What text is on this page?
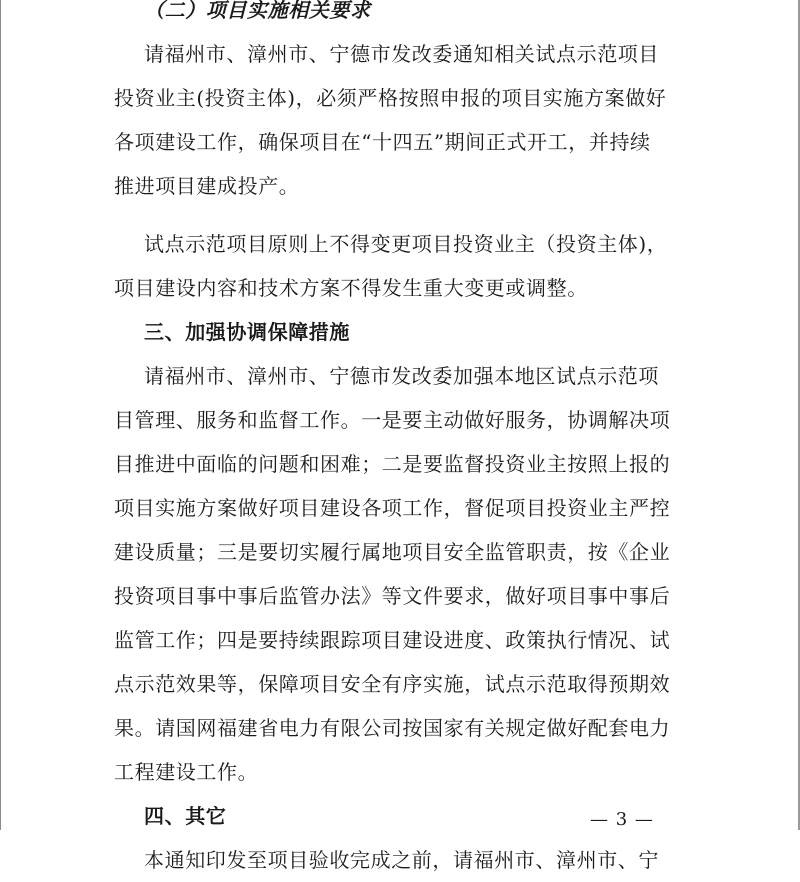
（二）项目实施相关要求
请福州市、漳州市、宁德市发改委通知相关试点示范项目
投资业主(投资主体)，必须严格按照申报的项目实施方案做好
各项建设工作，确保项目在“十四五”期间正式开工，并持续
推进项目建成投产。
试点示范项目原则上不得变更项目投资业主（投资主体)，
项目建设内容和技术方案不得发生重大变更或调整。
三、加强协调保障措施
请福州市、漳州市、宁德市发改委加强本地区试点示范项
目管理、服务和监督工作。一是要主动做好服务，协调解决项
目推进中面临的问题和困难；二是要监督投资业主按照上报的
项目实施方案做好项目建设各项工作，督促项目投资业主严控
建设质量；三是要切实履行属地项目安全监管职责，按《企业
投资项目事中事后监管办法》等文件要求，做好项目事中事后
监管工作；四是要持续跟踪项目建设进度、政策执行情况、试
点示范效果等，保障项目安全有序实施，试点示范取得预期效
果。请国网福建省电力有限公司按国家有关规定做好配套电力
工程建设工作。
四、其它
本通知印发至项目验收完成之前，请福州市、漳州市、宁
— 3 —
